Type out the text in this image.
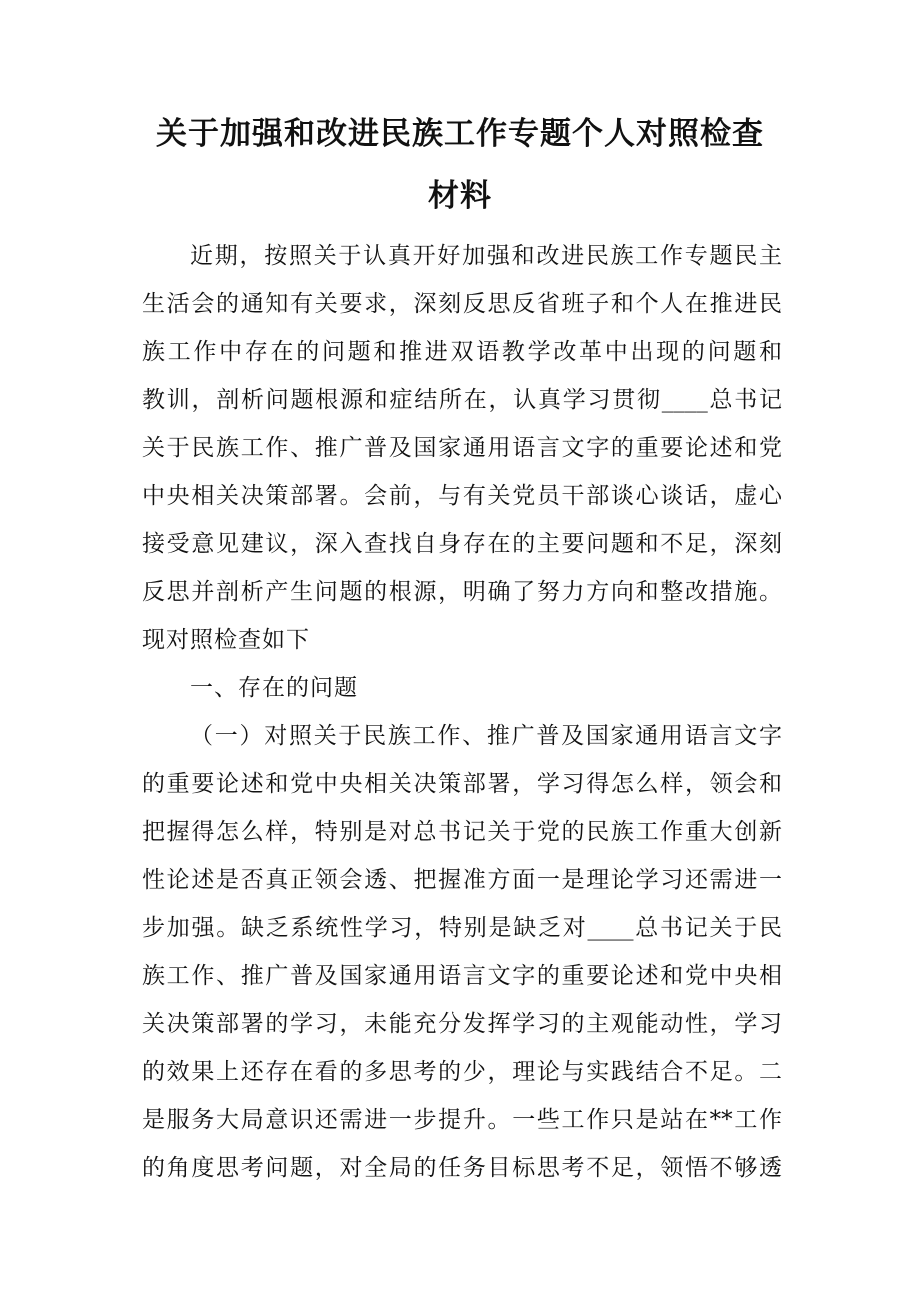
关于加强和改进民族工作专题个人对照检查
材料
近期，按照关于认真开好加强和改进民族工作专题民主
生活会的通知有关要求，深刻反思反省班子和个人在推进民
族工作中存在的问题和推进双语教学改革中出现的问题和
教训，剖析问题根源和症结所在，认真学习贯彻____总书记
关于民族工作、推广普及国家通用语言文字的重要论述和党
中央相关决策部署。会前，与有关党员干部谈心谈话，虚心
接受意见建议，深入查找自身存在的主要问题和不足，深刻
反思并剖析产生问题的根源，明确了努力方向和整改措施。
现对照检查如下
一、存在的问题
（一）对照关于民族工作、推广普及国家通用语言文字
的重要论述和党中央相关决策部署，学习得怎么样，领会和
把握得怎么样，特别是对总书记关于党的民族工作重大创新
性论述是否真正领会透、把握准方面一是理论学习还需进一
步加强。缺乏系统性学习，特别是缺乏对____总书记关于民
族工作、推广普及国家通用语言文字的重要论述和党中央相
关决策部署的学习，未能充分发挥学习的主观能动性，学习
的效果上还存在看的多思考的少，理论与实践结合不足。二
是服务大局意识还需进一步提升。一些工作只是站在**工作
的角度思考问题，对全局的任务目标思考不足，领悟不够透
